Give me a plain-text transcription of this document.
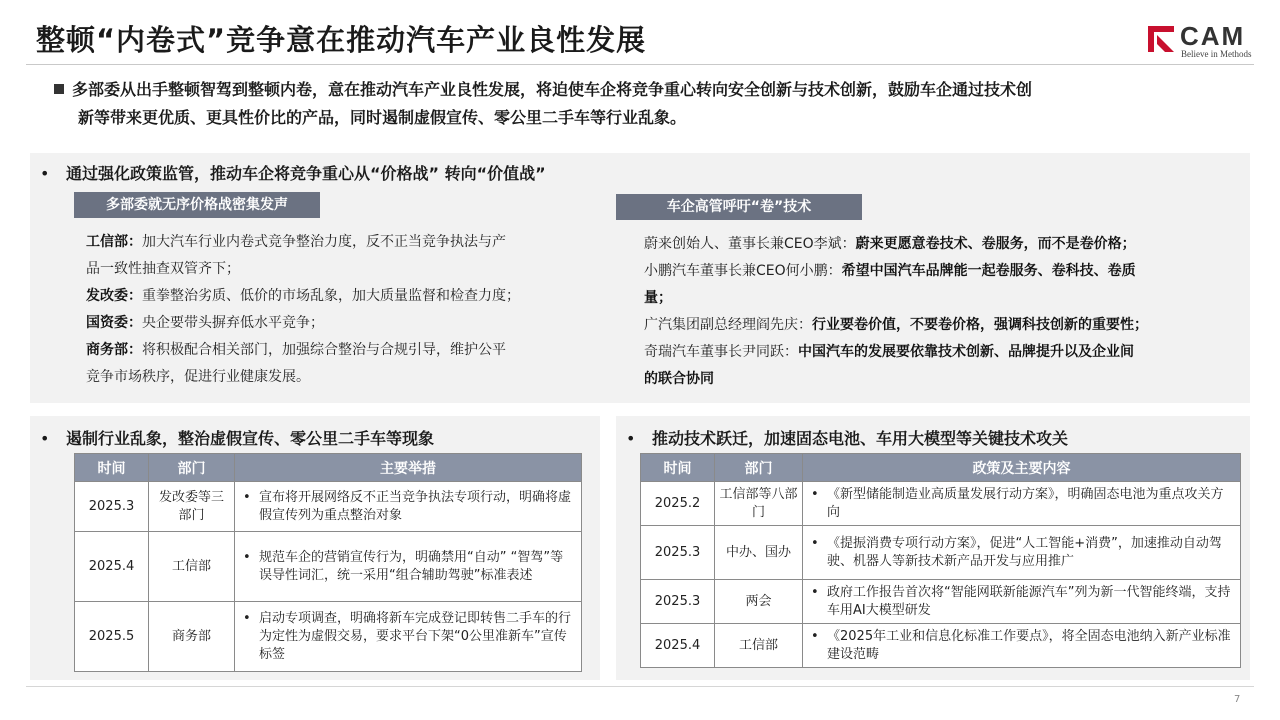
整顿“内卷式”竞争意在推动汽车产业良性发展	CAM
Believe in Methods
多部委从出手整顿智驾到整顿内卷，意在推动汽车产业良性发展，将迫使车企将竞争重心转向安全创新与技术创新，鼓励车企通过技术创
新等带来更优质、更具性价比的产品，同时遏制虚假宣传、零公里二手车等行业乱象。
• 通过强化政策监管，推动车企将竞争重心从“价格战” 转向“价值战”
多部委就无序价格战密集发声
工信部：加大汽车行业内卷式竞争整治力度，反不正当竞争执法与产
品一致性抽查双管齐下；
发改委：重拳整治劣质、低价的市场乱象，加大质量监督和检查力度；
国资委：央企要带头摒弃低水平竞争；
商务部：将积极配合相关部门，加强综合整治与合规引导，维护公平
竞争市场秩序，促进行业健康发展。
车企高管呼吁“卷”技术
蔚来创始人、董事长兼CEO李斌：蔚来更愿意卷技术、卷服务，而不是卷价格；
小鹏汽车董事长兼CEO何小鹏：希望中国汽车品牌能一起卷服务、卷科技、卷质
量；
广汽集团副总经理阎先庆：行业要卷价值，不要卷价格，强调科技创新的重要性；
奇瑞汽车董事长尹同跃：中国汽车的发展要依靠技术创新、品牌提升以及企业间
的联合协同
• 遏制行业乱象，整治虚假宣传、零公里二手车等现象
时间	部门	主要举措
2025.3	发改委等三部门	• 宣布将开展网络反不正当竞争执法专项行动，明确将虚假宣传列为重点整治对象

2025.4	工信部	• 规范车企的营销宣传行为，明确禁用“自动” “智驾”等误导性词汇，统一采用“组合辅助驾驶”标准表述

2025.5	商务部	• 启动专项调查，明确将新车完成登记即转售二手车的行为定性为虚假交易，要求平台下架“0公里准新车”宣传标签
• 推动技术跃迁，加速固态电池、车用大模型等关键技术攻关
时间	部门	政策及主要内容
2025.2	工信部等八部门	• 《新型储能制造业高质量发展行动方案》，明确固态电池为重点攻关方向

2025.3	中办、国办	• 《提振消费专项行动方案》，促进“人工智能+消费”，加速推动自动驾驶、机器人等新技术新产品开发与应用推广

2025.3	两会	• 政府工作报告首次将“智能网联新能源汽车”列为新一代智能终端，支持车用AI大模型研发

2025.4	工信部	• 《2025年工业和信息化标准工作要点》，将全固态电池纳入新产业标准建设范畴
7
